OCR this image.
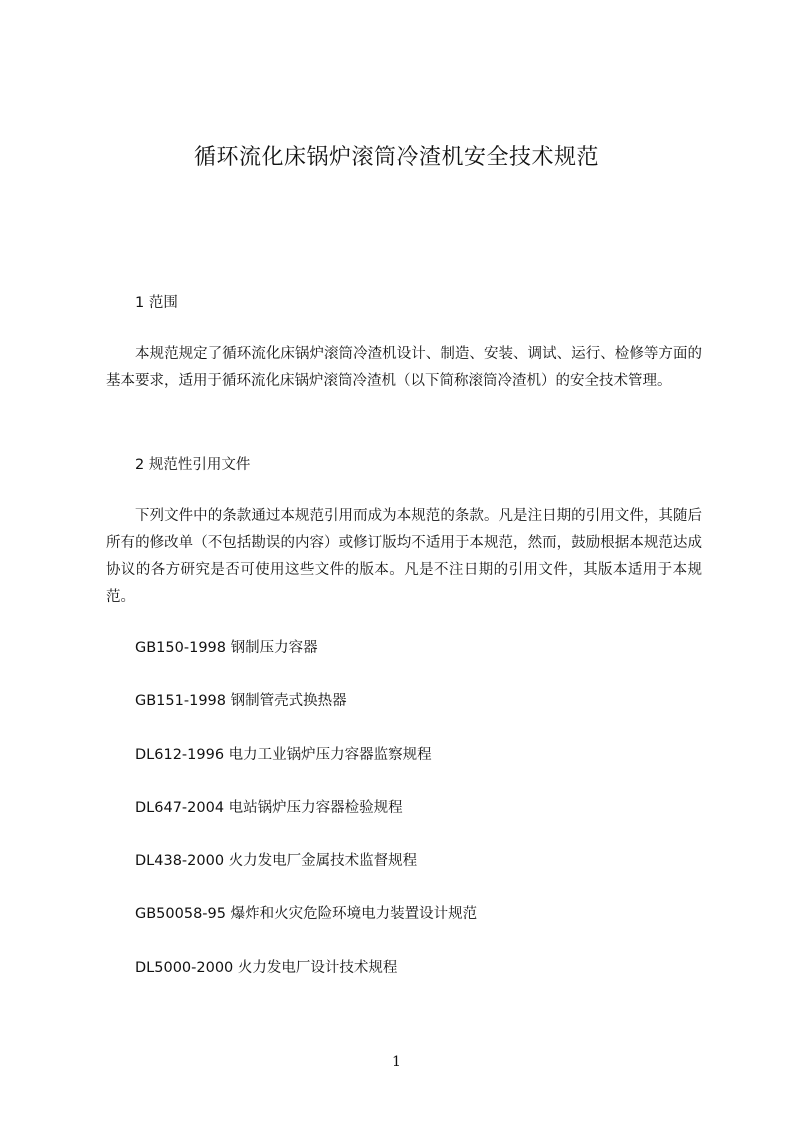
循环流化床锅炉滚筒冷渣机安全技术规范
1 范围

本规范规定了循环流化床锅炉滚筒冷渣机设计、制造、安装、调试、运行、检修等方面的基本要求，适用于循环流化床锅炉滚筒冷渣机（以下简称滚筒冷渣机）的安全技术管理。

2 规范性引用文件

下列文件中的条款通过本规范引用而成为本规范的条款。凡是注日期的引用文件，其随后所有的修改单（不包括勘误的内容）或修订版均不适用于本规范，然而，鼓励根据本规范达成协议的各方研究是否可使用这些文件的版本。凡是不注日期的引用文件，其版本适用于本规范。

GB150-1998 钢制压力容器
GB151-1998 钢制管壳式换热器
DL612-1996 电力工业锅炉压力容器监察规程
DL647-2004 电站锅炉压力容器检验规程
DL438-2000 火力发电厂金属技术监督规程
GB50058-95 爆炸和火灾危险环境电力装置设计规范
DL5000-2000 火力发电厂设计技术规程
1
